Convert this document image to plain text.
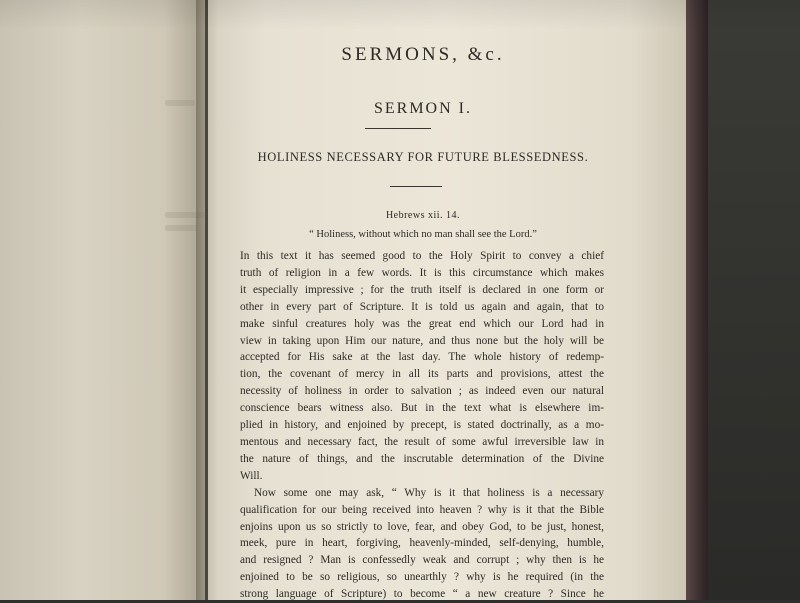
SERMONS, &c.
SERMON I.
HOLINESS NECESSARY FOR FUTURE BLESSEDNESS.
Hebrews xii. 14.
“ Holiness, without which no man shall see the Lord.”

In this text it has seemed good to the Holy Spirit to convey a chief
truth of religion in a few words. It is this circumstance which makes
it especially impressive ; for the truth itself is declared in one form or
other in every part of Scripture. It is told us again and again, that to
make sinful creatures holy was the great end which our Lord had in
view in taking upon Him our nature, and thus none but the holy will be
accepted for His sake at the last day. The whole history of redemp-
tion, the covenant of mercy in all its parts and provisions, attest the
necessity of holiness in order to salvation ; as indeed even our natural
conscience bears witness also. But in the text what is elsewhere im-
plied in history, and enjoined by precept, is stated doctrinally, as a mo-
mentous and necessary fact, the result of some awful irreversible law in
the nature of things, and the inscrutable determination of the Divine
Will.

Now some one may ask, “ Why is it that holiness is a necessary
qualification for our being received into heaven ? why is it that the Bible
enjoins upon us so strictly to love, fear, and obey God, to be just, honest,
meek, pure in heart, forgiving, heavenly-minded, self-denying, humble,
and resigned ? Man is confessedly weak and corrupt ; why then is he
enjoined to be so religious, so unearthly ? why is he required (in the
strong language of Scripture) to become “ a new creature ? Since he
